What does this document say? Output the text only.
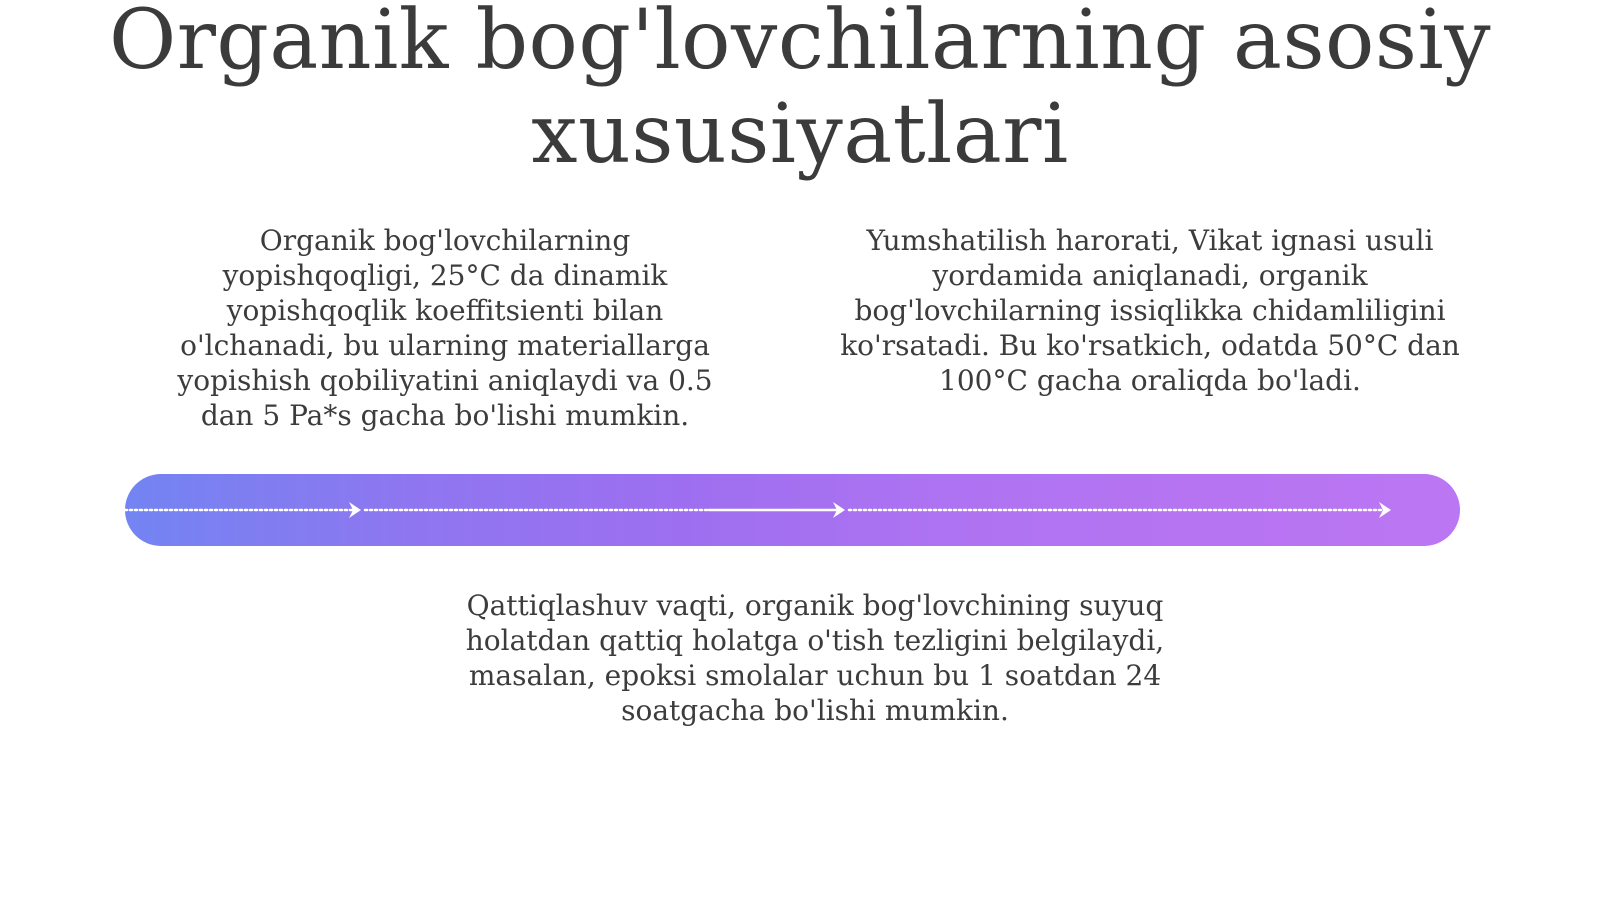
Organik bog'lovchilarning asosiy xususiyatlari

Organik bog'lovchilarning yopishqoqligi, 25°C da dinamik yopishqoqlik koeffitsienti bilan o'lchanadi, bu ularning materiallarga yopishish qobiliyatini aniqlaydi va 0.5 dan 5 Pa*s gacha bo'lishi mumkin.

Yumshatilish harorati, Vikat ignasi usuli yordamida aniqlanadi, organik bog'lovchilarning issiqlikka chidamliligini ko'rsatadi. Bu ko'rsatkich, odatda 50°C dan 100°C gacha oraliqda bo'ladi.

Qattiqlashuv vaqti, organik bog'lovchining suyuq holatdan qattiq holatga o'tish tezligini belgilaydi, masalan, epoksi smolalar uchun bu 1 soatdan 24 soatgacha bo'lishi mumkin.
